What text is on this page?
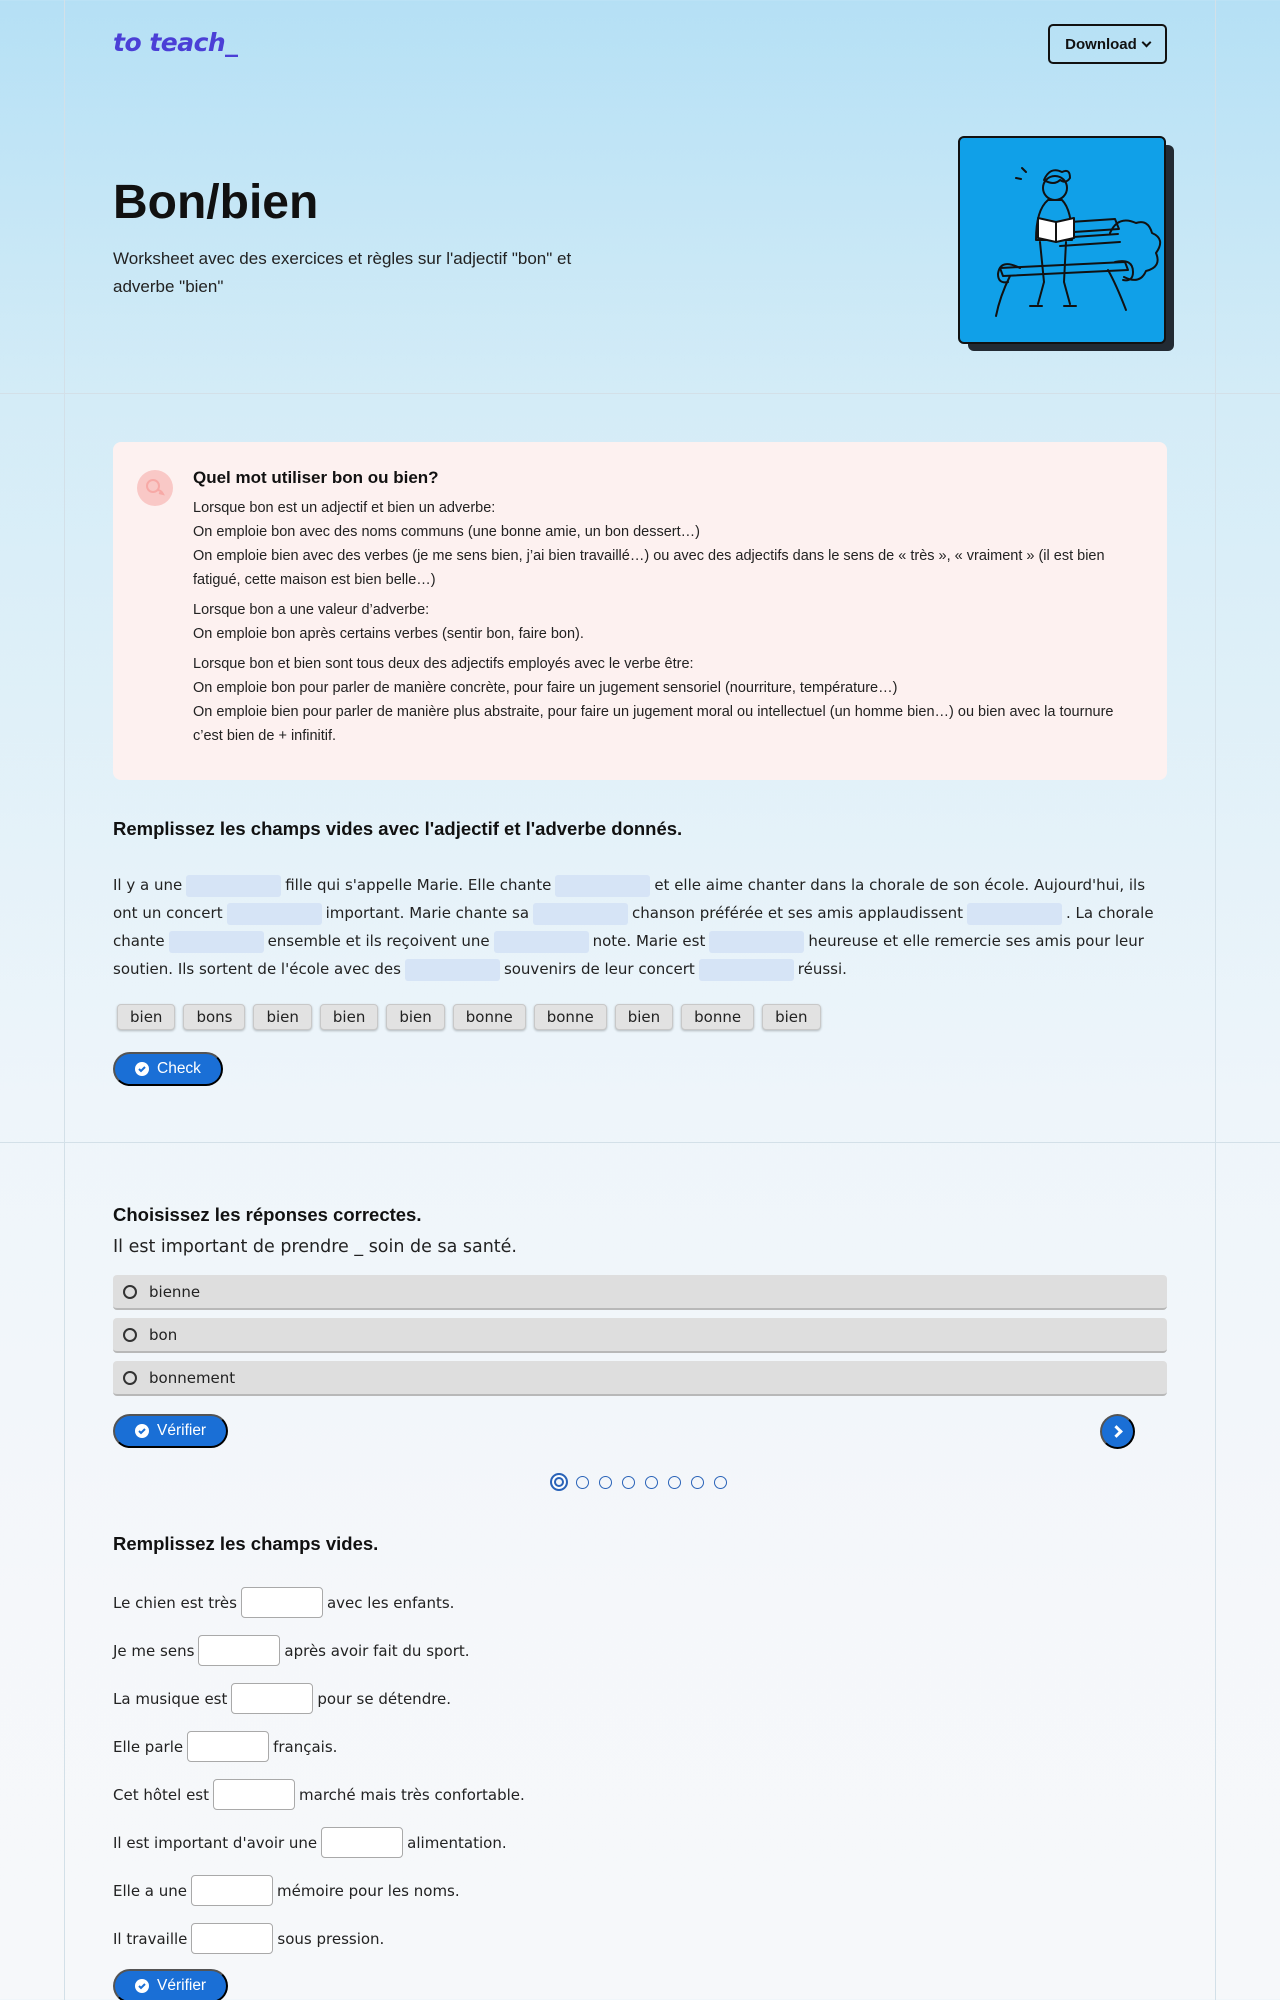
to teach_	Download
Bon/bien

Worksheet avec des exercices et règles sur l'adjectif "bon" et adverbe "bien"

Quel mot utiliser bon ou bien?
Lorsque bon est un adjectif et bien un adverbe:
On emploie bon avec des noms communs (une bonne amie, un bon dessert…)
On emploie bien avec des verbes (je me sens bien, j’ai bien travaillé…) ou avec des adjectifs dans le sens de « très », « vraiment » (il est bien fatigué, cette maison est bien belle…)
Lorsque bon a une valeur d’adverbe:
On emploie bon après certains verbes (sentir bon, faire bon).
Lorsque bon et bien sont tous deux des adjectifs employés avec le verbe être:
On emploie bon pour parler de manière concrète, pour faire un jugement sensoriel (nourriture, température…)
On emploie bien pour parler de manière plus abstraite, pour faire un jugement moral ou intellectuel (un homme bien…) ou bien avec la tournure c’est bien de + infinitif.
Remplissez les champs vides avec l'adjectif et l'adverbe donnés.

Il y a une	fille qui s'appelle Marie. Elle chante	et elle aime chanter dans la chorale de son école. Aujourd'hui, ils ont un concert	important. Marie chante sa	chanson préférée et ses amis applaudissent	. La chorale chante	ensemble et ils reçoivent une	note. Marie est	heureuse et elle remercie ses amis pour leur soutien. Ils sortent de l'école avec des	souvenirs de leur concert	réussi.

bien	bons	bien	bien	bien	bonne	bonne	bien	bonne	bien
Check
Choisissez les réponses correctes.
Il est important de prendre _ soin de sa santé.
bienne
bon
bonnement
Vérifier
Remplissez les champs vides.
Le chien est très	avec les enfants.
Je me sens	après avoir fait du sport.
La musique est	pour se détendre.
Elle parle	français.
Cet hôtel est	marché mais très confortable.
Il est important d'avoir une	alimentation.
Elle a une	mémoire pour les noms.
Il travaille	sous pression.
Vérifier
